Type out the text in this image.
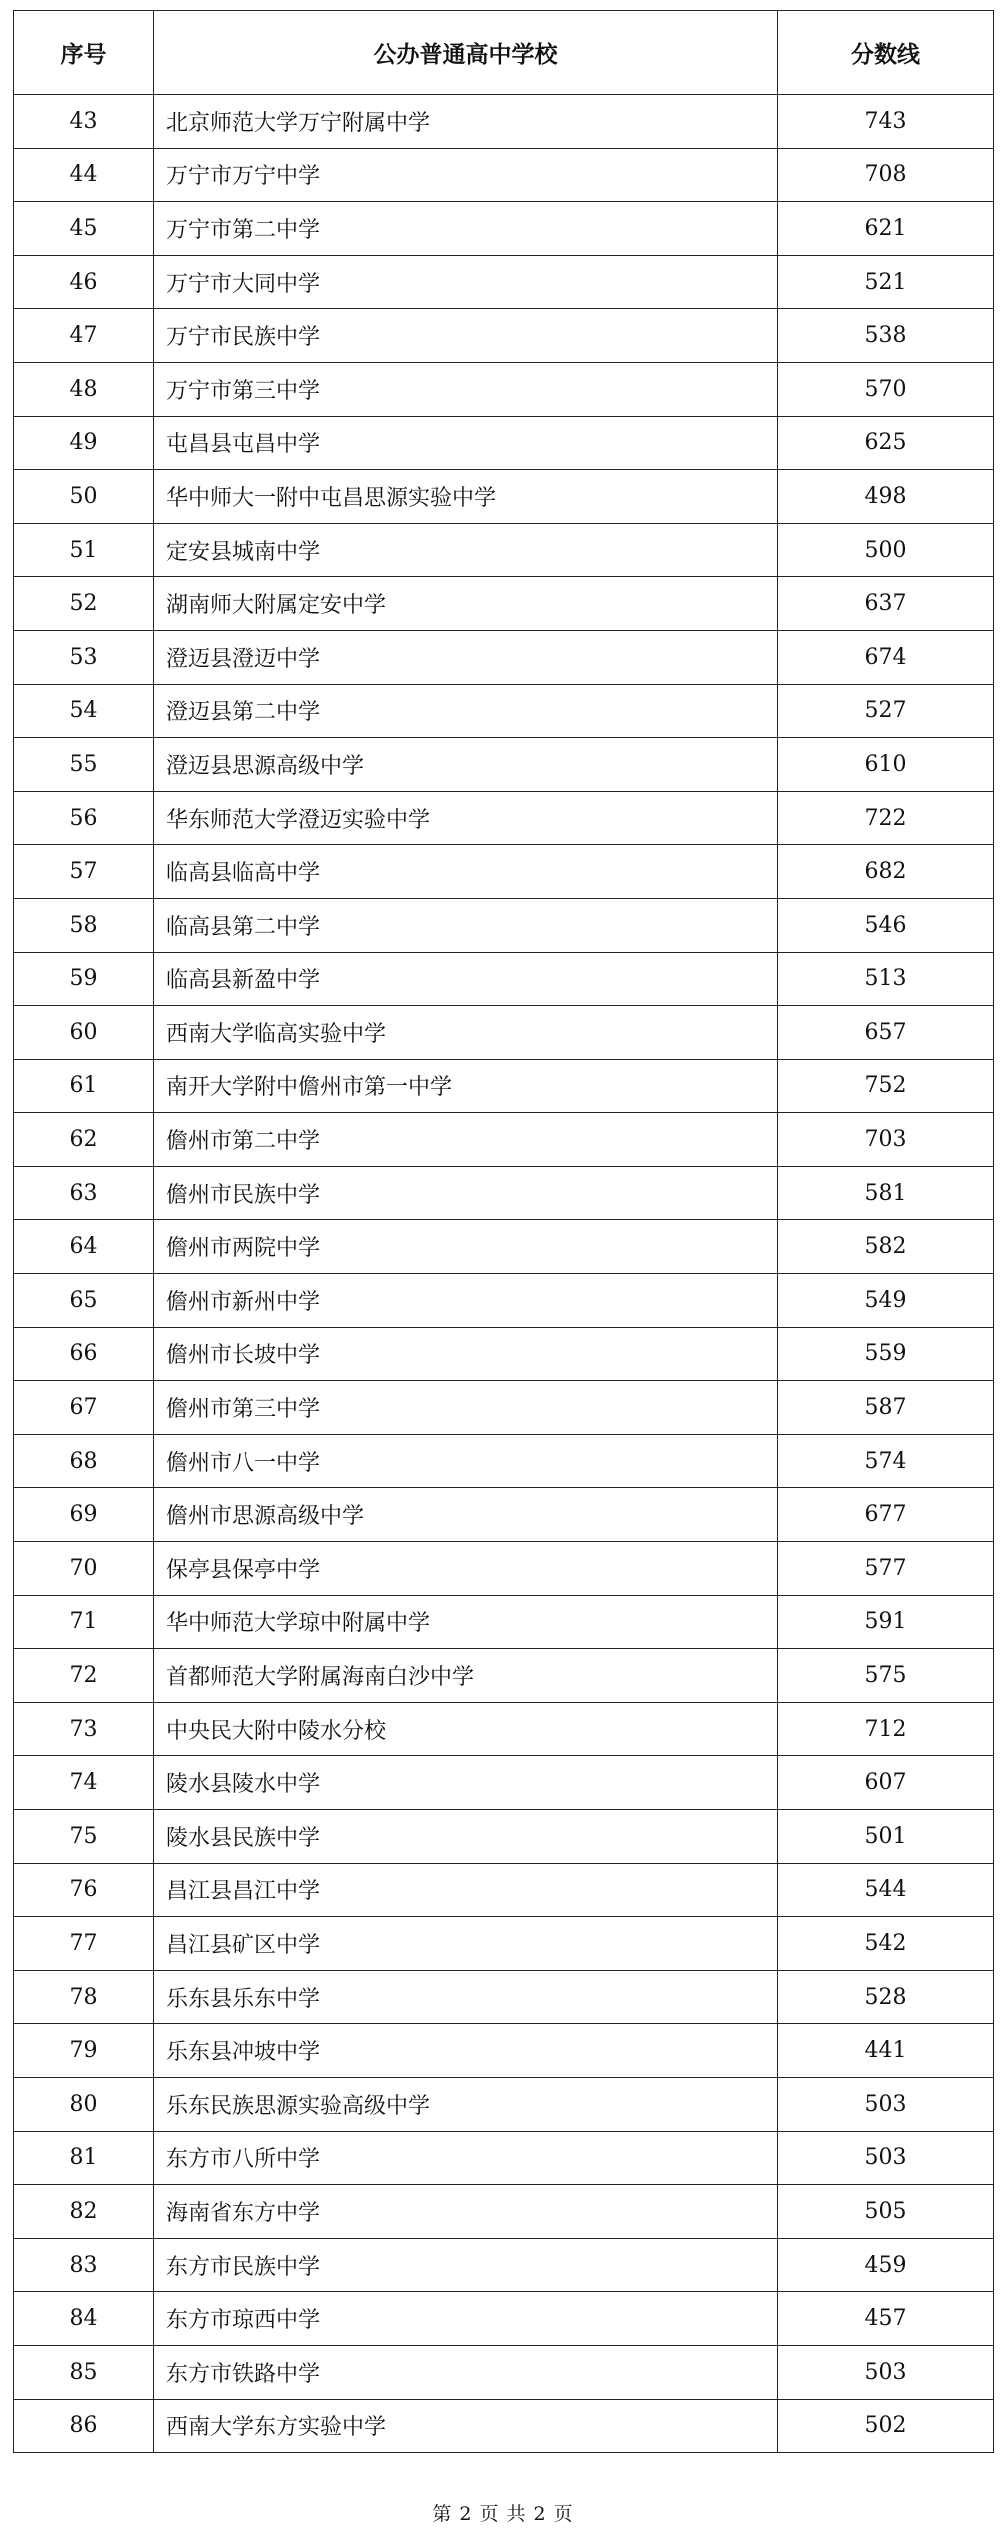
序号	公办普通高中学校	分数线
43	北京师范大学万宁附属中学	743
44	万宁市万宁中学	708
45	万宁市第二中学	621
46	万宁市大同中学	521
47	万宁市民族中学	538
48	万宁市第三中学	570
49	屯昌县屯昌中学	625
50	华中师大一附中屯昌思源实验中学	498
51	定安县城南中学	500
52	湖南师大附属定安中学	637
53	澄迈县澄迈中学	674
54	澄迈县第二中学	527
55	澄迈县思源高级中学	610
56	华东师范大学澄迈实验中学	722
57	临高县临高中学	682
58	临高县第二中学	546
59	临高县新盈中学	513
60	西南大学临高实验中学	657
61	南开大学附中儋州市第一中学	752
62	儋州市第二中学	703
63	儋州市民族中学	581
64	儋州市两院中学	582
65	儋州市新州中学	549
66	儋州市长坡中学	559
67	儋州市第三中学	587
68	儋州市八一中学	574
69	儋州市思源高级中学	677
70	保亭县保亭中学	577
71	华中师范大学琼中附属中学	591
72	首都师范大学附属海南白沙中学	575
73	中央民大附中陵水分校	712
74	陵水县陵水中学	607
75	陵水县民族中学	501
76	昌江县昌江中学	544
77	昌江县矿区中学	542
78	乐东县乐东中学	528
79	乐东县冲坡中学	441
80	乐东民族思源实验高级中学	503
81	东方市八所中学	503
82	海南省东方中学	505
83	东方市民族中学	459
84	东方市琼西中学	457
85	东方市铁路中学	503
86	西南大学东方实验中学	502
第 2 页 共 2 页
